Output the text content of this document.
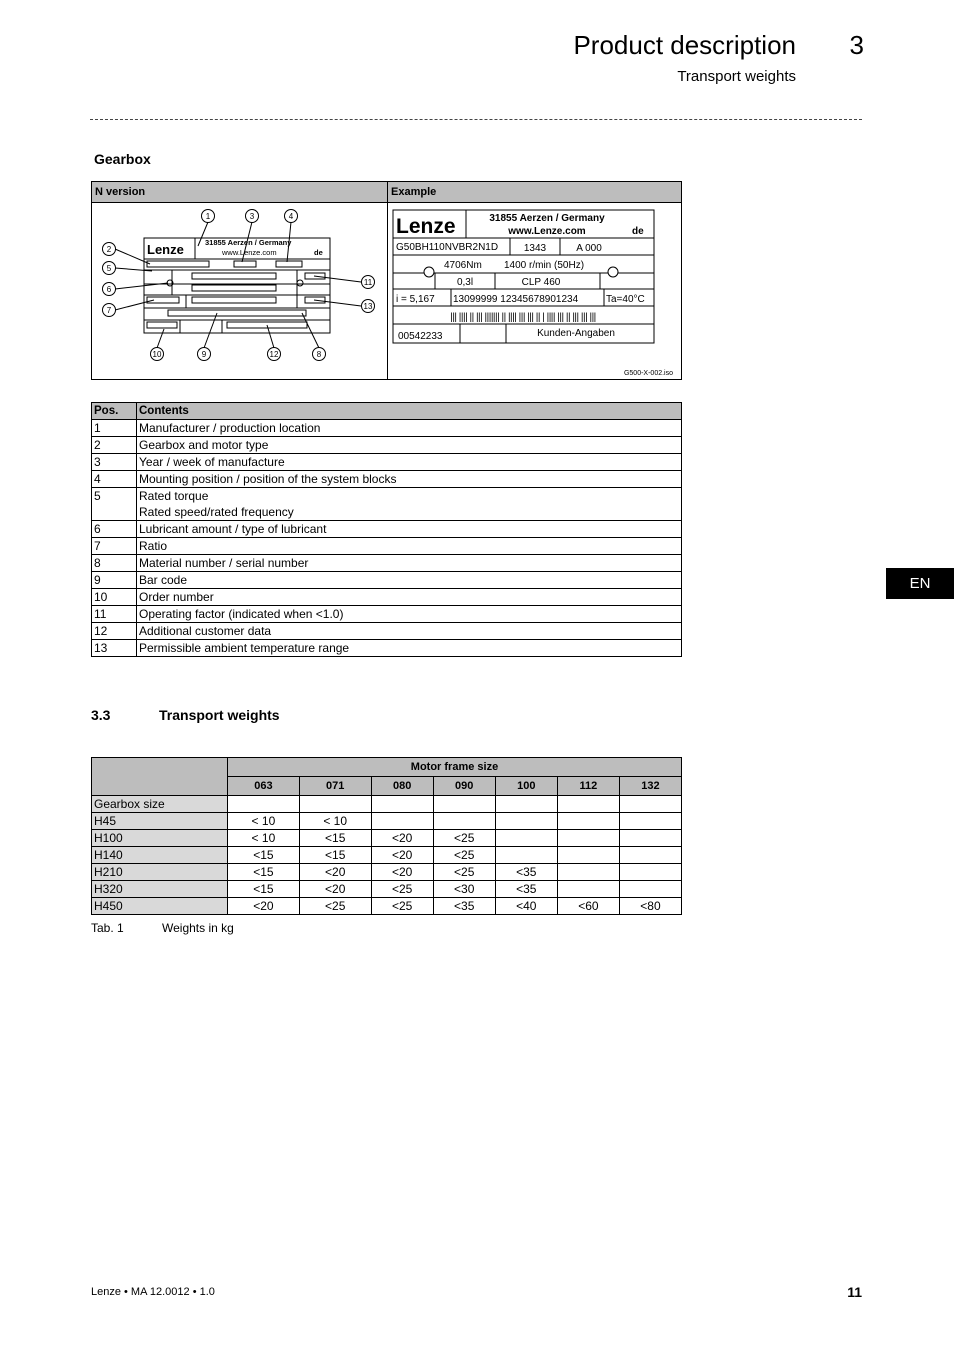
Product description	3
Transport weights
EN
Gearbox
N version	Example
Lenze	31855 Aerzen / Germany
www.Lenze.com	de
1
2
3	4
5
6
7
8
9
10
11
12
13
Lenze	31855 Aerzen / Germany
www.Lenze.com	de
G50BH110NVBR2N1D	1343	A 000
4706Nm 1400 r/min (50Hz)
0,3l	CLP 460
i = 5,167 13099999 12345678901234	Ta=40°C
||| |||| || ||| ||||||| || |||| ||| ||| || | |||| ||| || ||| ||| |||
00542233	Kunden-Angaben
G500-X-002.iso
Pos.	Contents
1	Manufacturer / production location
2	Gearbox and motor type
3	Year / week of manufacture
4	Mounting position / position of the system blocks
5	Rated torque
Rated speed/rated frequency

6	Lubricant amount / type of lubricant
7	Ratio
8	Material number / serial number
9	Bar code
10	Order number
11	Operating factor (indicated when <1.0)
12	Additional customer data
13	Permissible ambient temperature range
3.3	Transport weights
	Motor frame size						
	063	071	080	090	100	112	132
Gearbox size							
H45	< 10	< 10					
H100	< 10	<15	<20	<25			
H140	<15	<15	<20	<25			
H210	<15	<20	<20	<25	<35		
H320	<15	<20	<25	<30	<35		
H450	<20	<25	<25	<35	<40	<60	<80
Tab. 1	Weights in kg
Lenze • MA 12.0012 • 1.0	11
